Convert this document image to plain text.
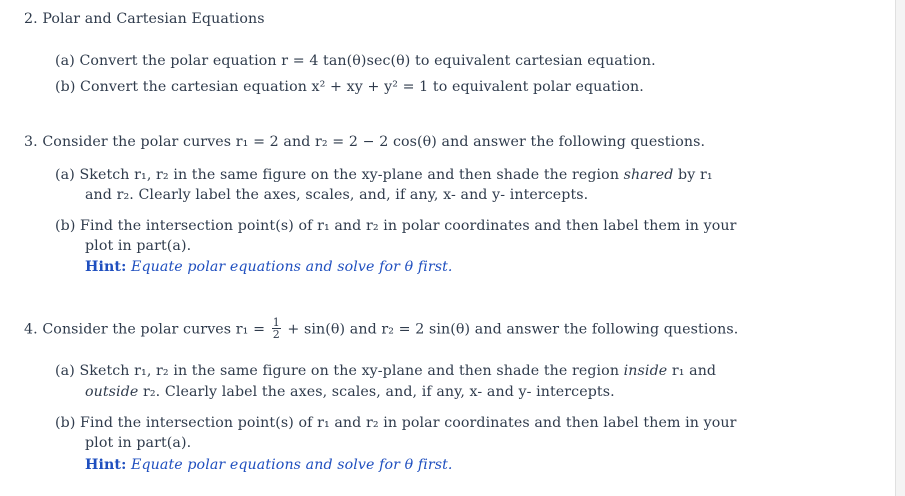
2. Polar and Cartesian Equations
(a) Convert the polar equation r = 4 tan(θ)sec(θ) to equivalent cartesian equation.
(b) Convert the cartesian equation x² + xy + y² = 1 to equivalent polar equation.
3. Consider the polar curves r₁ = 2 and r₂ = 2 − 2 cos(θ) and answer the following questions.
(a) Sketch r₁, r₂ in the same figure on the xy-plane and then shade the region shared by r₁
and r₂. Clearly label the axes, scales, and, if any, x- and y- intercepts.
(b) Find the intersection point(s) of r₁ and r₂ in polar coordinates and then label them in your
plot in part(a).
Hint: Equate polar equations and solve for θ first.
4. Consider the polar curves $r_1 = \frac{1}{2} + \sin(\theta)$ and r₂ = 2 sin(θ) and answer the following questions.
(a) Sketch r₁, r₂ in the same figure on the xy-plane and then shade the region inside r₁ and
outside r₂. Clearly label the axes, scales, and, if any, x- and y- intercepts.
(b) Find the intersection point(s) of r₁ and r₂ in polar coordinates and then label them in your
plot in part(a).
Hint: Equate polar equations and solve for θ first.
